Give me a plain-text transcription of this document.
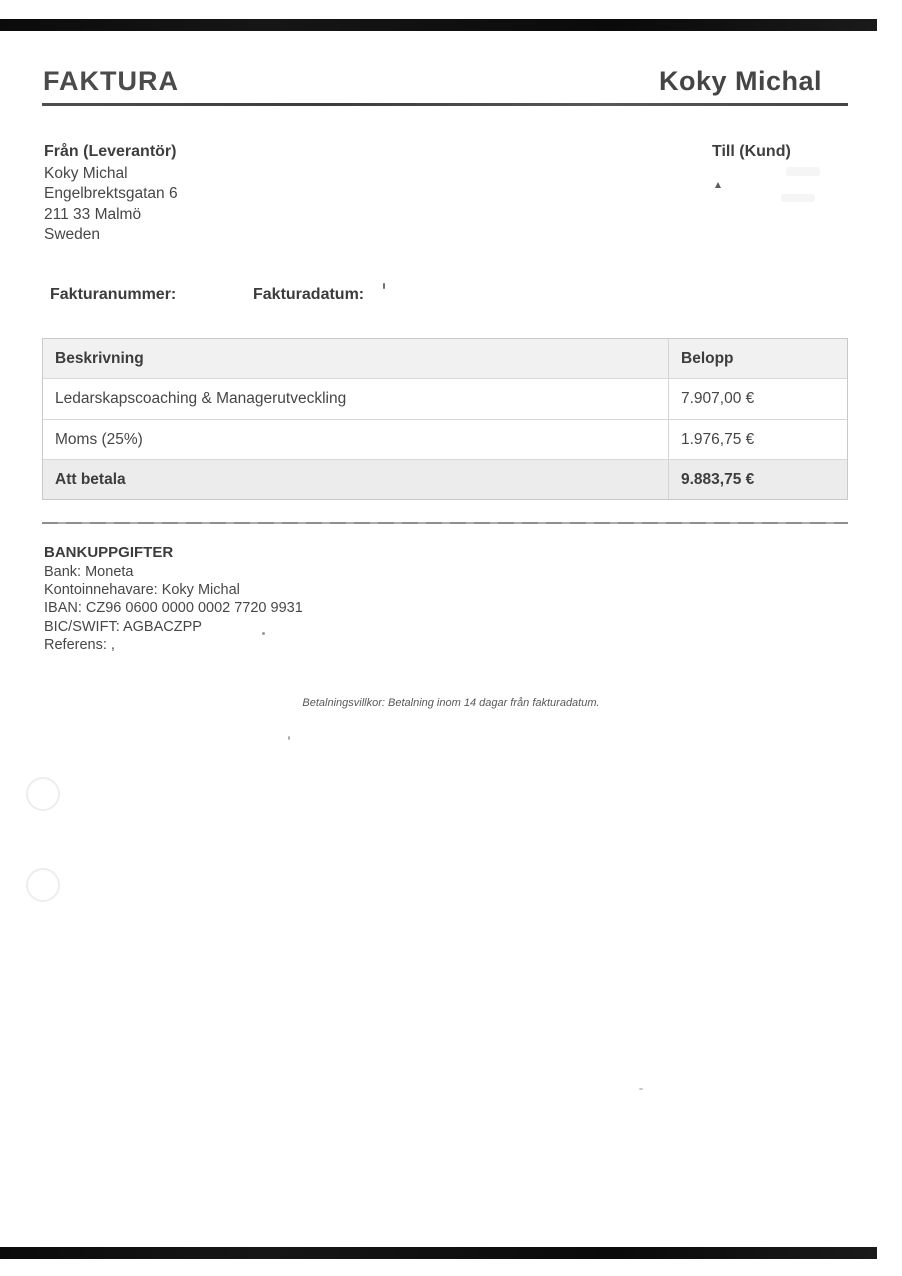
FAKTURA	Koky Michal
Från (Leverantör)
Koky Michal
Engelbrektsgatan 6
211 33 Malmö
Sweden
Till (Kund)
Fakturanummer:	Fakturadatum:
Beskrivning	Belopp
Ledarskapscoaching & Managerutveckling	7.907,00 €
Moms (25%)	1.976,75 €
Att betala	9.883,75 €
BANKUPPGIFTER
Bank: Moneta
Kontoinnehavare: Koky Michal
IBAN: CZ96 0600 0000 0002 7720 9931
BIC/SWIFT: AGBACZPP
Referens: ,

Betalningsvillkor: Betalning inom 14 dagar från fakturadatum.
